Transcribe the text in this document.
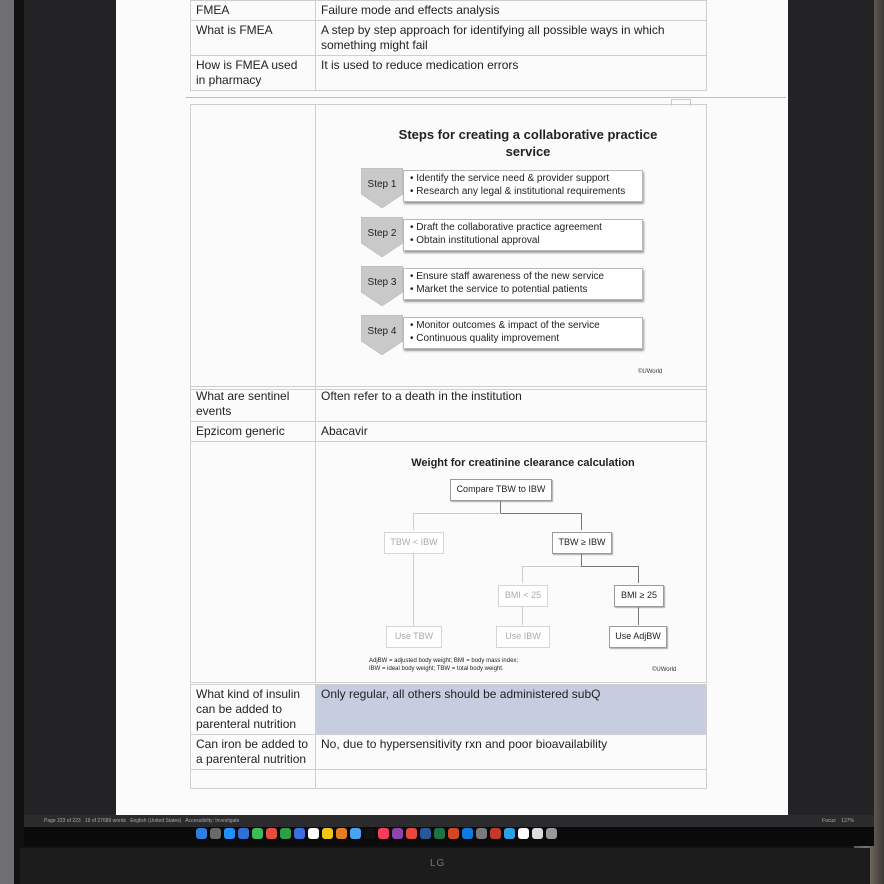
FMEA	Failure mode and effects analysis
What is FMEA	A step by step approach for identifying all possible ways in which something might fail
How is FMEA used in pharmacy	It is used to reduce medication errors

Steps for creating a collaborative practice service
Step 1
• Identify the service need & provider support
• Research any legal & institutional requirements
Step 2
• Draft the collaborative practice agreement
• Obtain institutional approval
Step 3
• Ensure staff awareness of the new service
• Market the service to potential patients
Step 4
• Monitor outcomes & impact of the service
• Continuous quality improvement
©UWorld
What are sentinel events	Often refer to a death in the institution
Epzicom generic	Abacavir

Weight for creatinine clearance calculation
Compare TBW to IBW
TBW < IBW	TBW ≥ IBW
BMI < 25	BMI ≥ 25
Use TBW	Use IBW	Use AdjBW
AdjBW = adjusted body weight; BMI = body mass index;
IBW = ideal body weight; TBW = total body weight.	©UWorld
What kind of insulin can be added to parenteral nutrition	Only regular, all others should be administered subQ
Can iron be added to a parenteral nutrition	No, due to hypersensitivity rxn and poor bioavailability

Page 223 of 223 19 of 27689 words English (United States) Accessibility: Investigate	Focus 127%
LG
